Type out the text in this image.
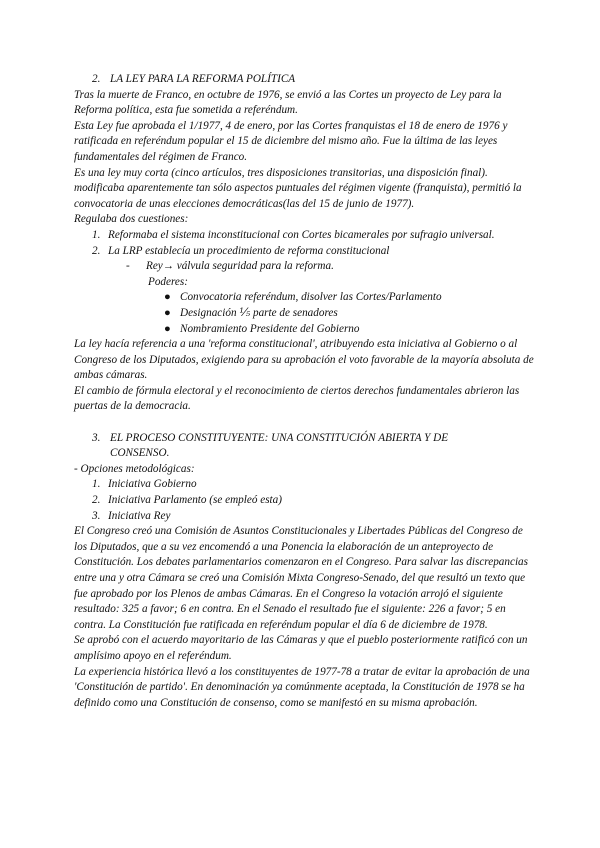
2. LA LEY PARA LA REFORMA POLÍTICA

Tras la muerte de Franco, en octubre de 1976, se envió a las Cortes un proyecto de Ley para la Reforma política, esta fue sometida a referéndum.

Esta Ley fue aprobada el 1/1977, 4 de enero, por las Cortes franquistas el 18 de enero de 1976 y ratificada en referéndum popular el 15 de diciembre del mismo año. Fue la última de las leyes fundamentales del régimen de Franco.

Es una ley muy corta (cinco artículos, tres disposiciones transitorias, una disposición final). modificaba aparentemente tan sólo aspectos puntuales del régimen vigente (franquista), permitió la convocatoria de unas elecciones democráticas(las del 15 de junio de 1977).

Regulaba dos cuestiones:

1. Reformaba el sistema inconstitucional con Cortes bicamerales por sufragio universal.
2. La LRP establecía un procedimiento de reforma constitucional
- Rey→ válvula seguridad para la reforma.
Poderes:
● Convocatoria referéndum, disolver las Cortes/Parlamento
● Designación ⅕ parte de senadores
● Nombramiento Presidente del Gobierno

La ley hacía referencia a una 'reforma constitucional', atribuyendo esta iniciativa al Gobierno o al Congreso de los Diputados, exigiendo para su aprobación el voto favorable de la mayoría absoluta de ambas cámaras.

El cambio de fórmula electoral y el reconocimiento de ciertos derechos fundamentales abrieron las puertas de la democracia.

3. EL PROCESO CONSTITUYENTE: UNA CONSTITUCIÓN ABIERTA Y DE
CONSENSO.

- Opciones metodológicas:

1. Iniciativa Gobierno
2. Iniciativa Parlamento (se empleó esta)
3. Iniciativa Rey

El Congreso creó una Comisión de Asuntos Constitucionales y Libertades Públicas del Congreso de los Diputados, que a su vez encomendó a una Ponencia la elaboración de un anteproyecto de Constitución. Los debates parlamentarios comenzaron en el Congreso. Para salvar las discrepancias entre una y otra Cámara se creó una Comisión Mixta Congreso-Senado, del que resultó un texto que fue aprobado por los Plenos de ambas Cámaras. En el Congreso la votación arrojó el siguiente resultado: 325 a favor; 6 en contra. En el Senado el resultado fue el siguiente: 226 a favor; 5 en contra. La Constitución fue ratificada en referéndum popular el día 6 de diciembre de 1978.

Se aprobó con el acuerdo mayoritario de las Cámaras y que el pueblo posteriormente ratificó con un amplísimo apoyo en el referéndum.

La experiencia histórica llevó a los constituyentes de 1977-78 a tratar de evitar la aprobación de una 'Constitución de partido'. En denominación ya comúnmente aceptada, la Constitución de 1978 se ha definido como una Constitución de consenso, como se manifestó en su misma aprobación.
